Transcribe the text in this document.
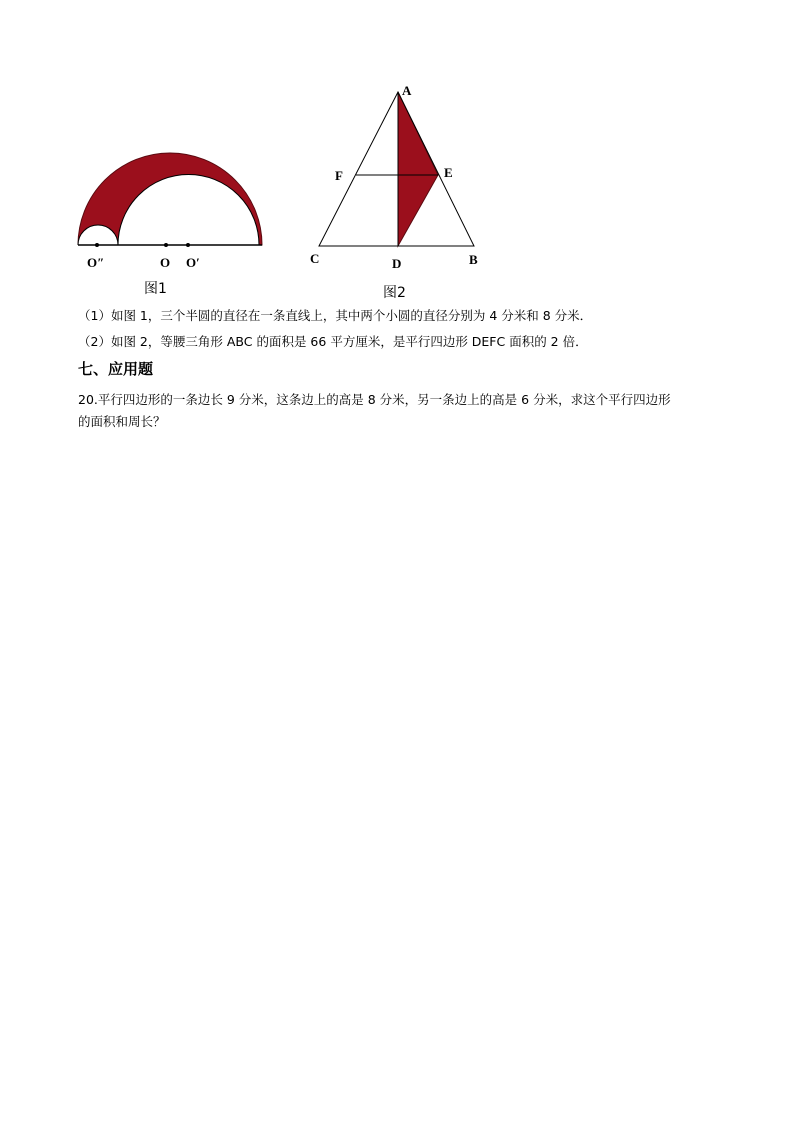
O″	O O′
图1
A
F	E
C	D	B
图2
（1）如图 1，三个半圆的直径在一条直线上，其中两个小圆的直径分别为 4 分米和 8 分米．
（2）如图 2，等腰三角形 ABC 的面积是 66 平方厘米，是平行四边形 DEFC 面积的 2 倍．
七、应用题
20.平行四边形的一条边长 9 分米，这条边上的高是 8 分米，另一条边上的高是 6 分米，求这个平行四边形
的面积和周长？
